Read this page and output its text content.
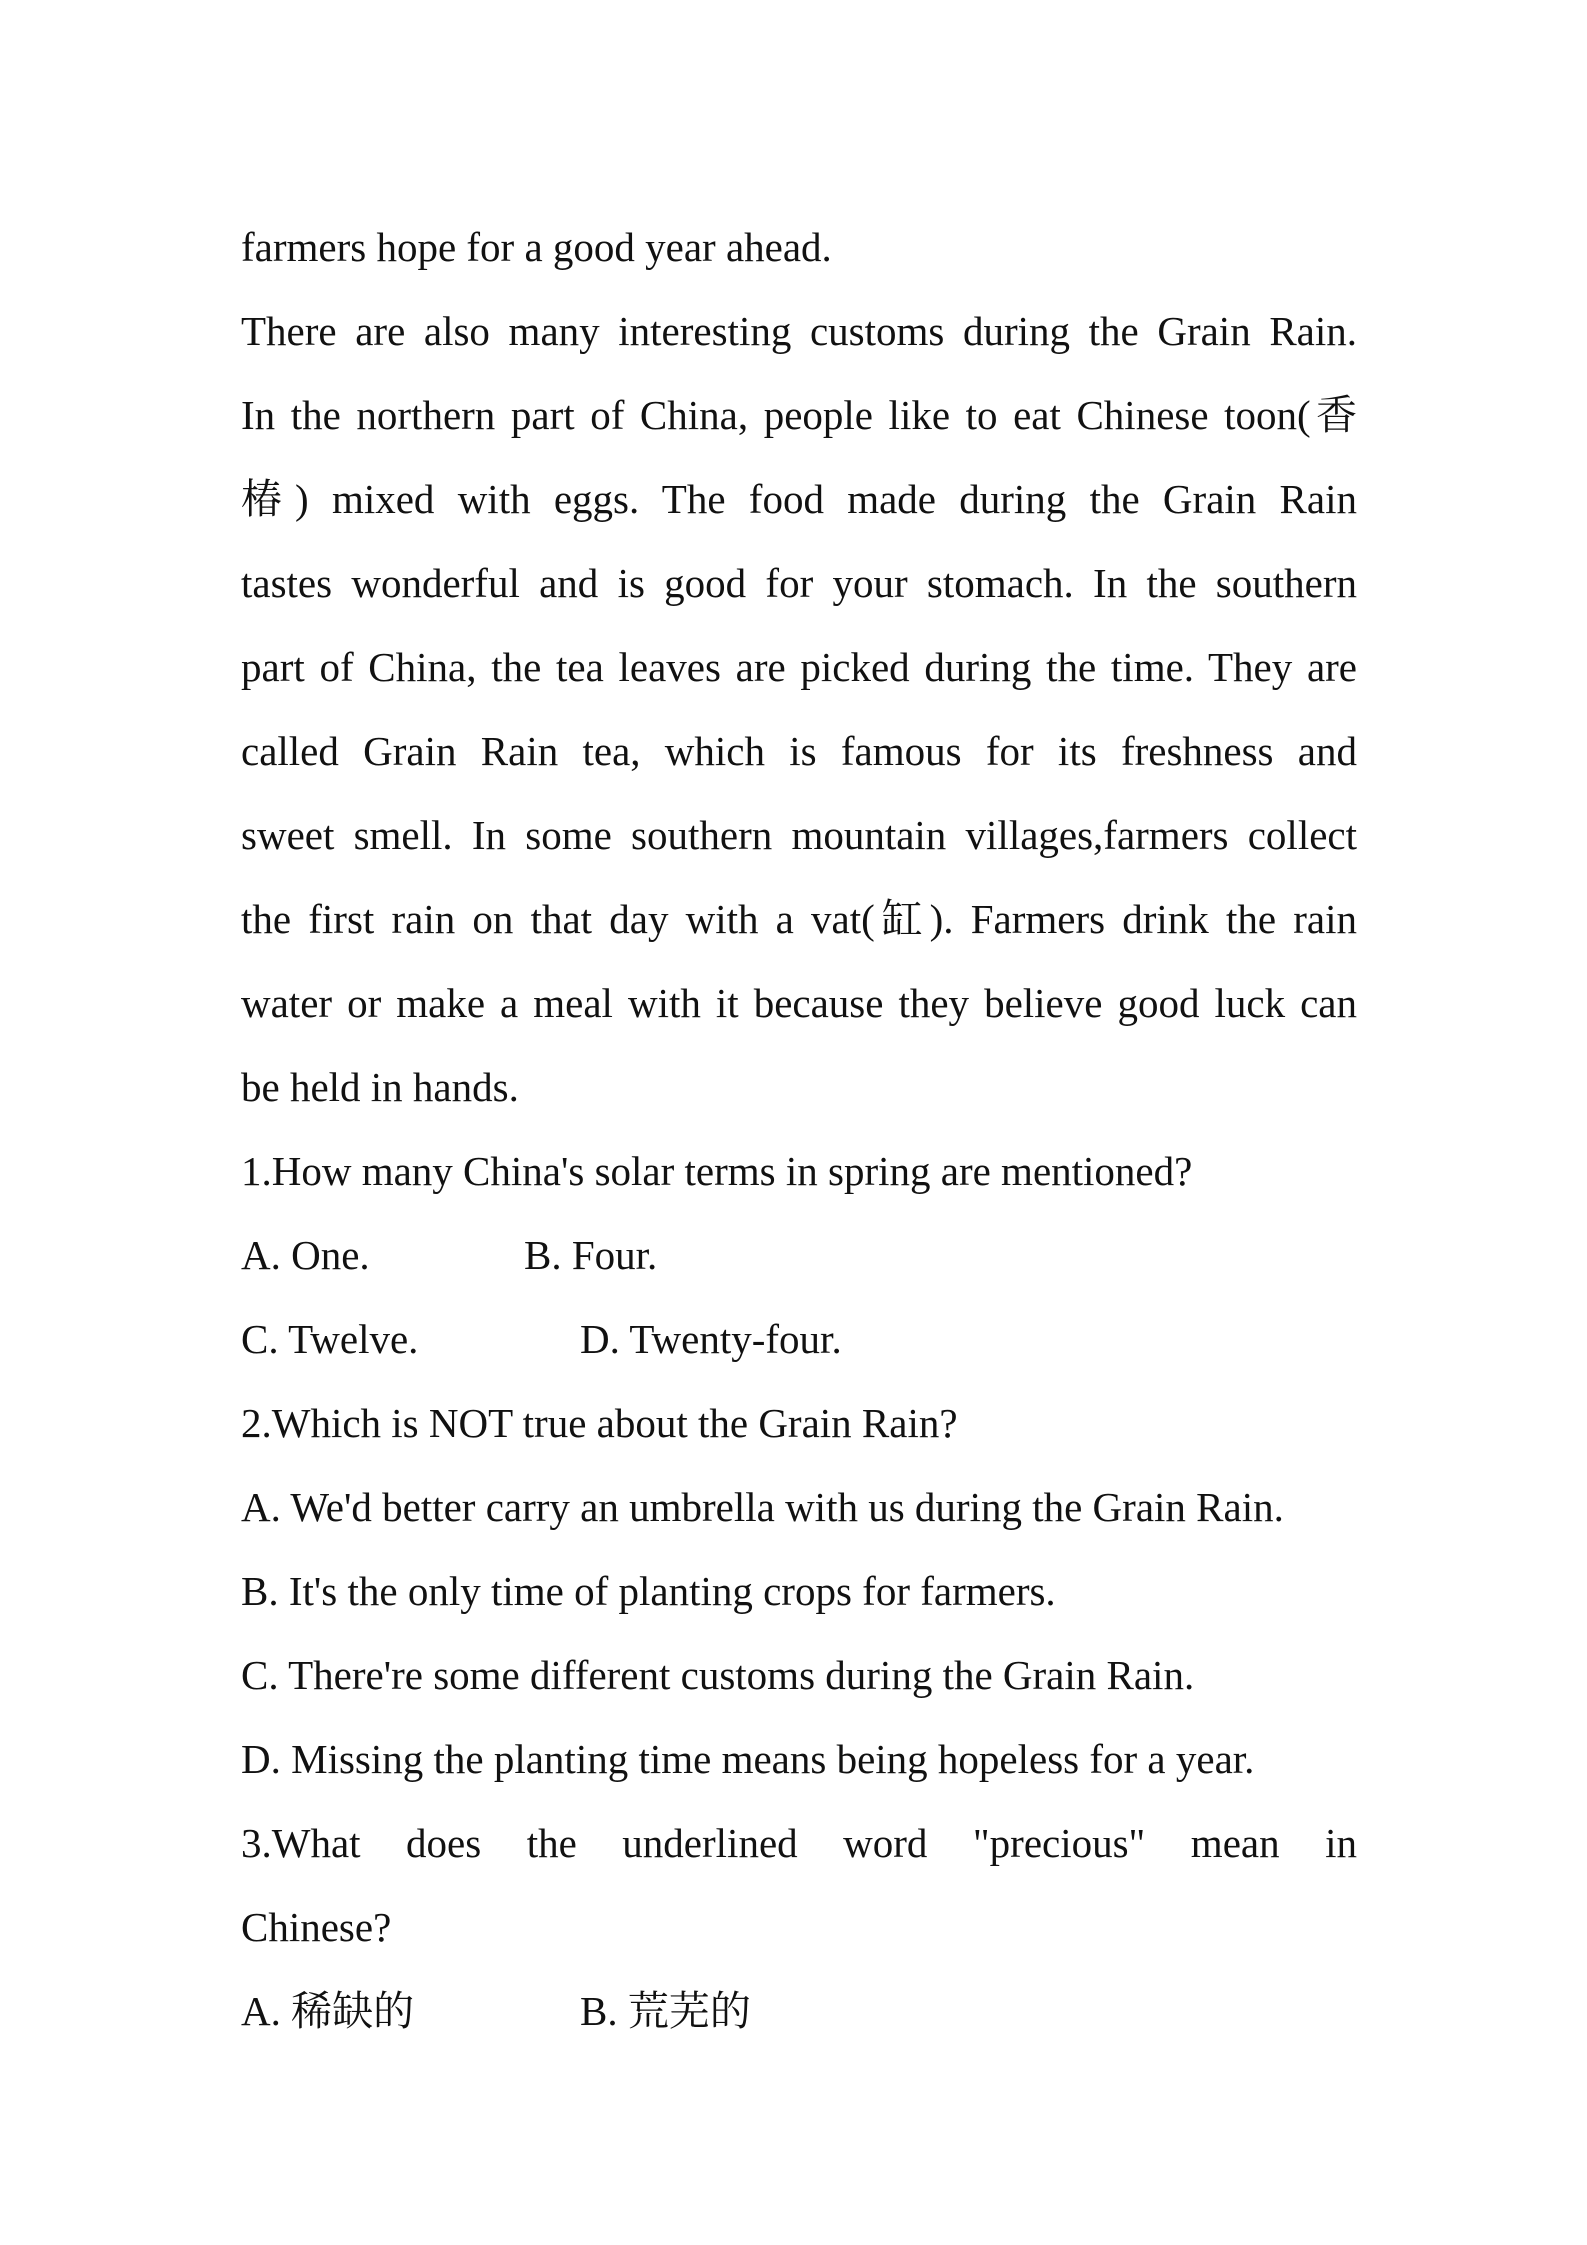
farmers hope for a good year ahead.
There are also many interesting customs during the Grain Rain.
In the northern part of China, people like to eat Chinese toon(香
椿) mixed with eggs. The food made during the Grain Rain
tastes wonderful and is good for your stomach. In the southern
part of China, the tea leaves are picked during the time. They are
called Grain Rain tea, which is famous for its freshness and
sweet smell. In some southern mountain villages,farmers collect
the first rain on that day with a vat(缸). Farmers drink the rain
water or make a meal with it because they believe good luck can
be held in hands.
1.How many China's solar terms in spring are mentioned?
A. One.	B. Four.
C. Twelve.	D. Twenty-four.
2.Which is NOT true about the Grain Rain?
A. We'd better carry an umbrella with us during the Grain Rain.
B. It's the only time of planting crops for farmers.
C. There're some different customs during the Grain Rain.
D. Missing the planting time means being hopeless for a year.
3.What does the underlined word "precious" mean in
Chinese?
A. 稀缺的	B. 荒芜的
